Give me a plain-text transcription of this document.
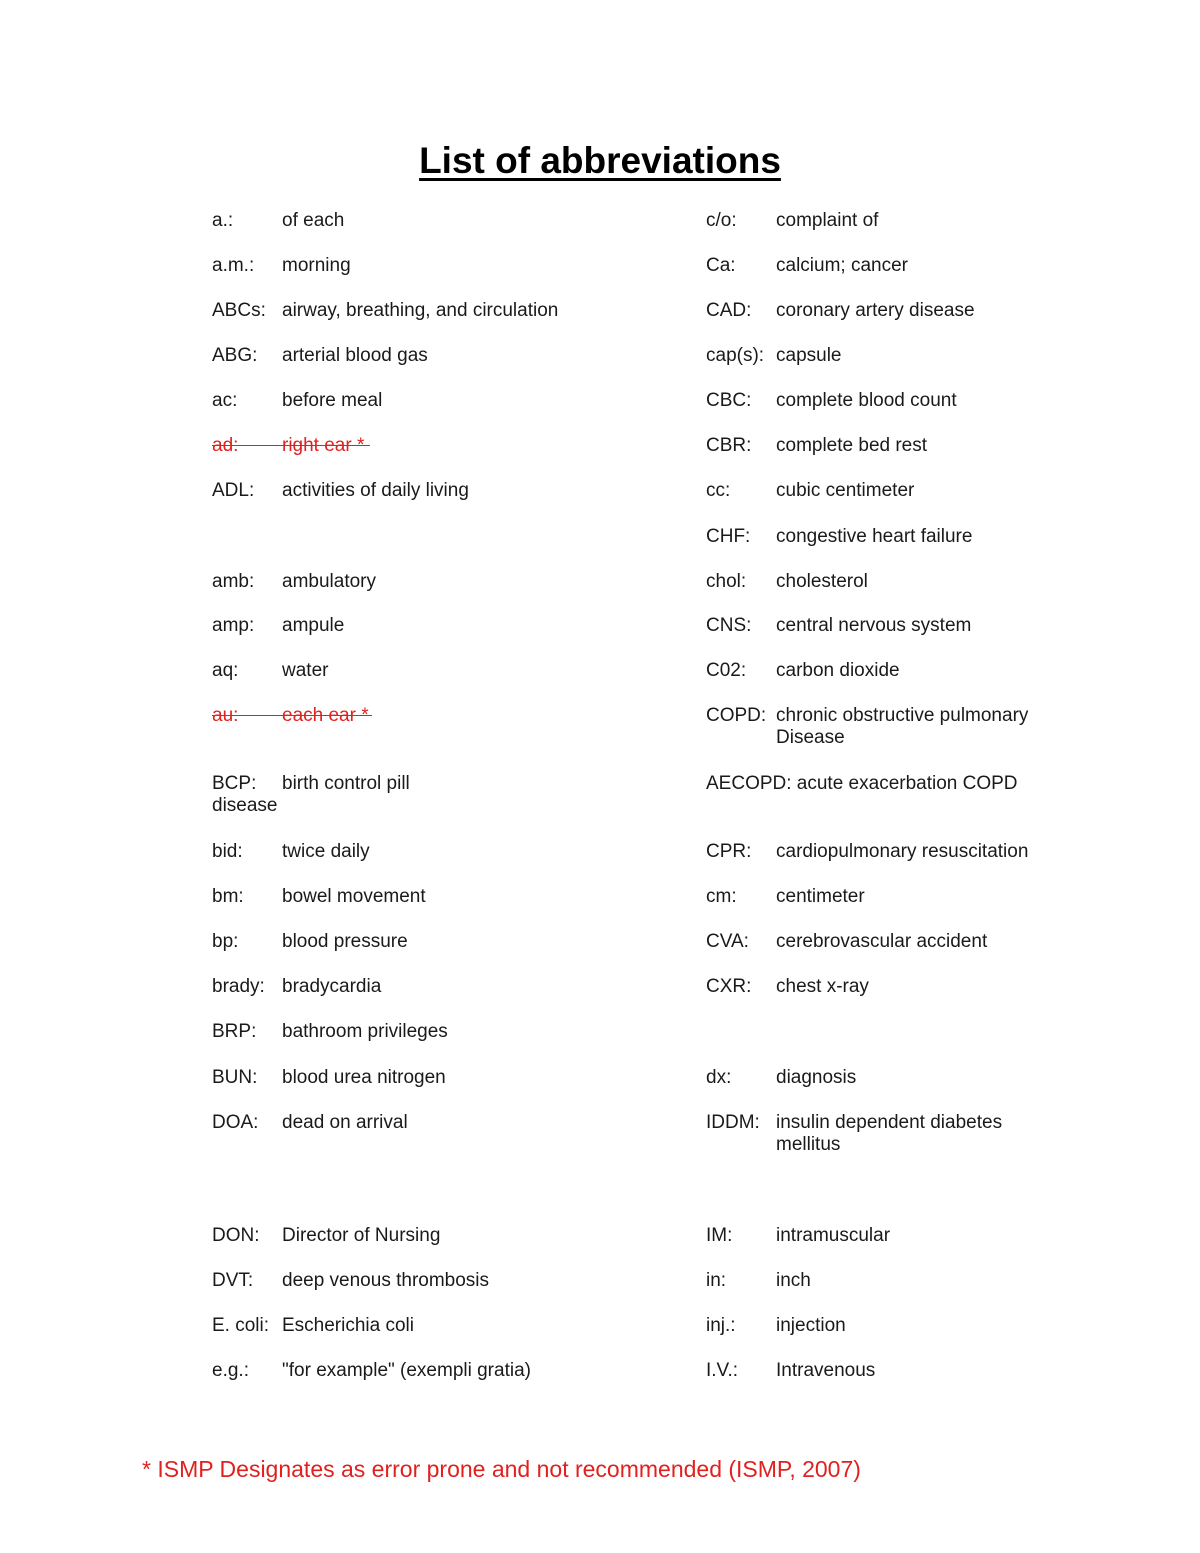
List of abbreviations
a.:	of each
a.m.: morning
ABCs: airway, breathing, and circulation
ABG: arterial blood gas
ac: before meal
ad: right ear *
ADL: activities of daily living
amb: ambulatory
amp: ampule
aq: water
au: each ear *
BCP: birth control pill
disease
bid: twice daily
bm: bowel movement
bp: blood pressure
brady: bradycardia
BRP: bathroom privileges
BUN: blood urea nitrogen
DOA: dead on arrival
DON: Director of Nursing
DVT: deep venous thrombosis
E. coli: Escherichia coli
e.g.: "for example" (exempli gratia)
c/o: complaint of
Ca: calcium; cancer
CAD: coronary artery disease
cap(s): capsule
CBC: complete blood count
CBR: complete bed rest
cc: cubic centimeter
CHF: congestive heart failure
chol: cholesterol
CNS: central nervous system
C02: carbon dioxide
COPD: chronic obstructive pulmonary
Disease
AECOPD: acute exacerbation COPD
CPR: cardiopulmonary resuscitation
cm: centimeter
CVA: cerebrovascular accident
CXR: chest x-ray
dx: diagnosis
IDDM: insulin dependent diabetes
mellitus
IM: intramuscular
in:	inch
inj.: injection
I.V.: Intravenous

* ISMP Designates as error prone and not recommended (ISMP, 2007)
